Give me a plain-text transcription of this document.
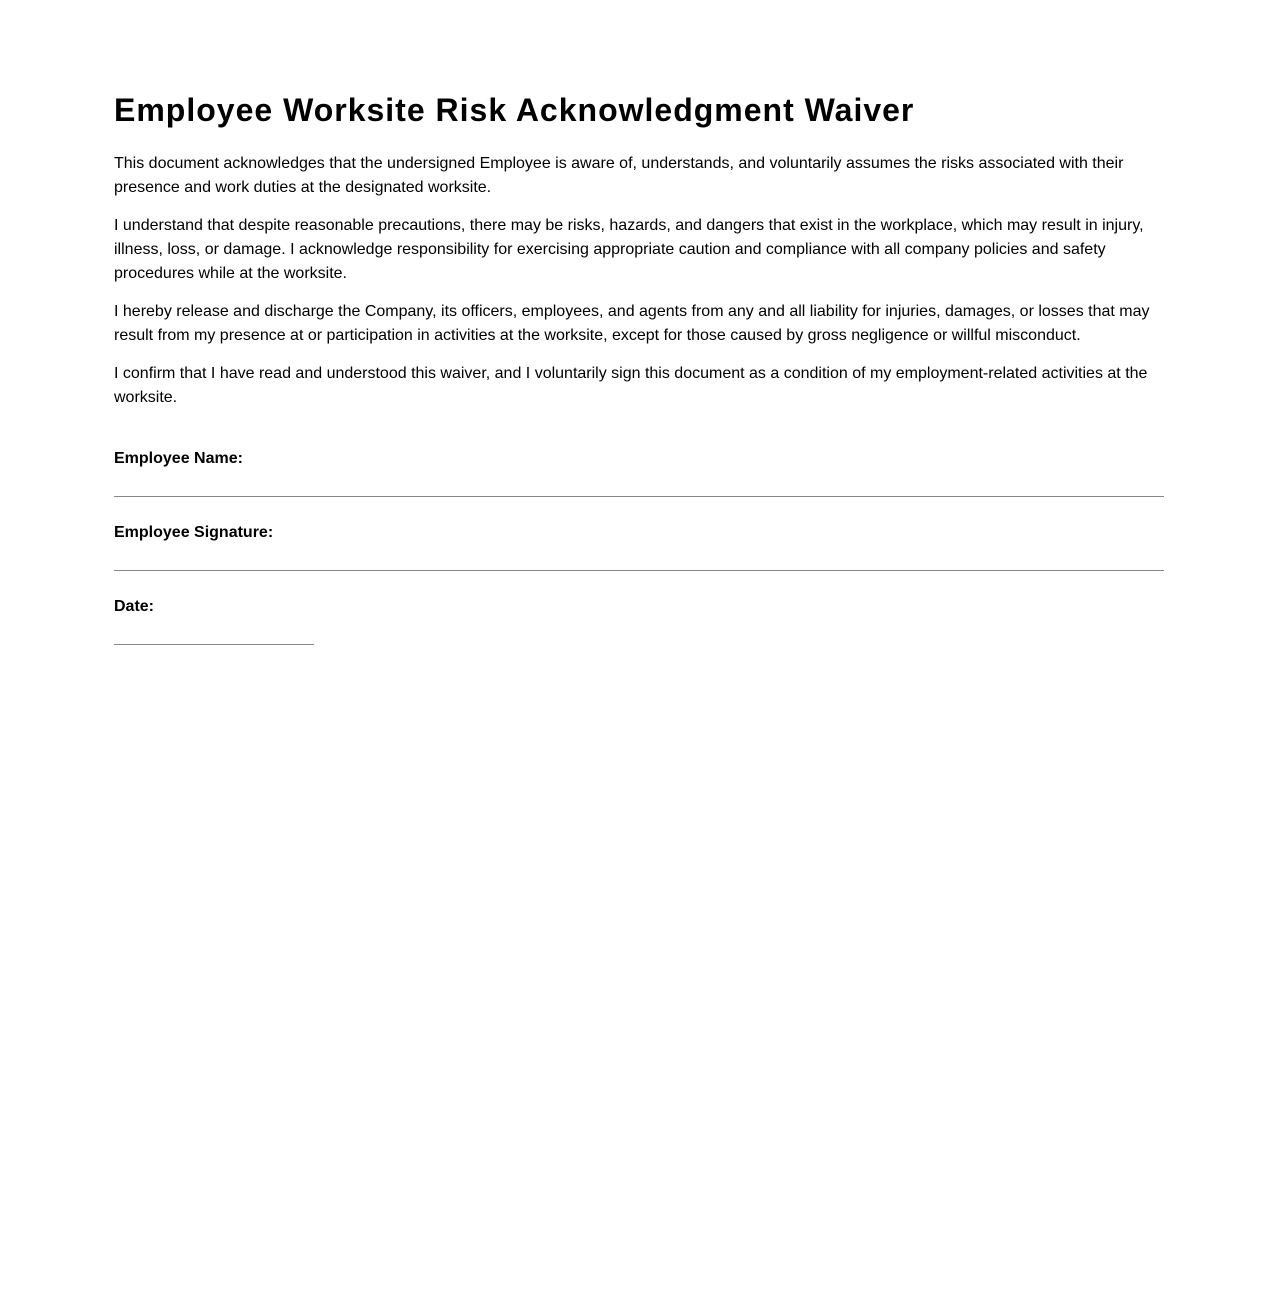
Employee Worksite Risk Acknowledgment Waiver

This document acknowledges that the undersigned Employee is aware of, understands, and voluntarily assumes the risks associated with their presence and work duties at the designated worksite.

I understand that despite reasonable precautions, there may be risks, hazards, and dangers that exist in the workplace, which may result in injury, illness, loss, or damage. I acknowledge responsibility for exercising appropriate caution and compliance with all company policies and safety procedures while at the worksite.

I hereby release and discharge the Company, its officers, employees, and agents from any and all liability for injuries, damages, or losses that may result from my presence at or participation in activities at the worksite, except for those caused by gross negligence or willful misconduct.

I confirm that I have read and understood this waiver, and I voluntarily sign this document as a condition of my employment-related activities at the worksite.

Employee Name:
Employee Signature:
Date:
